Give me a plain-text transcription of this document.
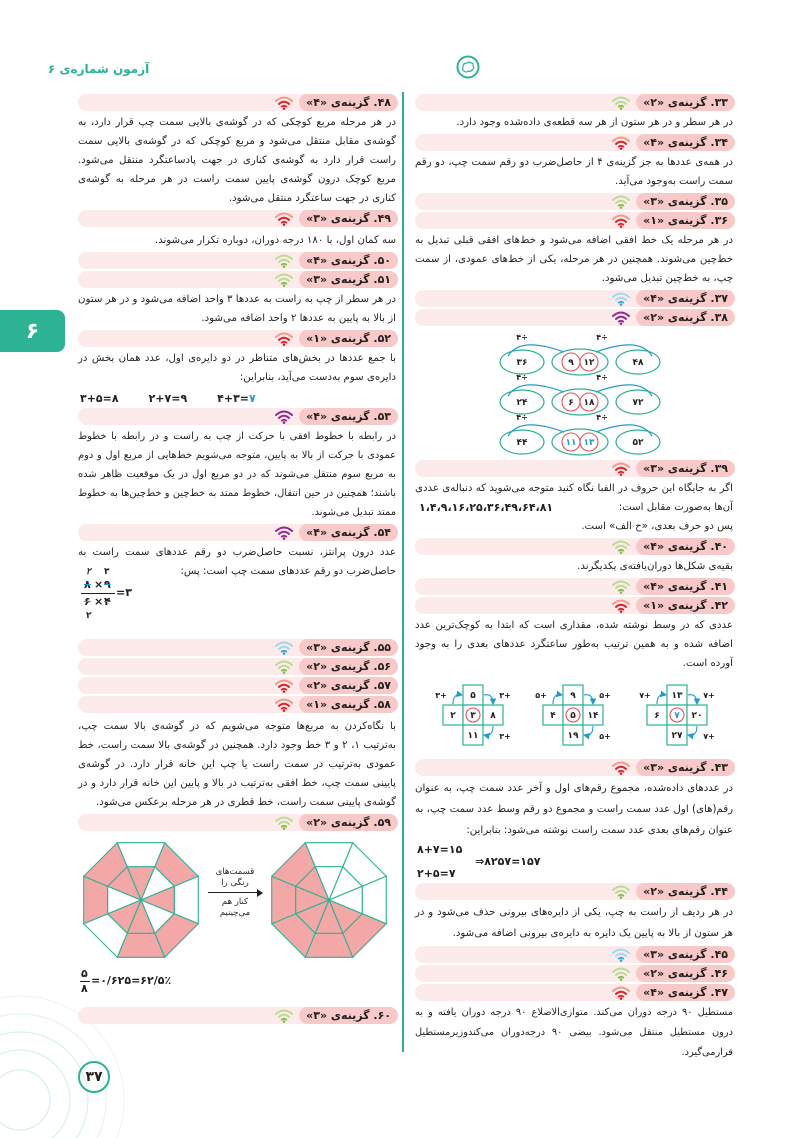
آزمون شماره‌ی ۶
۶
۳۳. گزینه‌ی «۲»

در هر سطر و در هر ستون از هر سه قطعه‌ی داده‌شده وجود دارد.

۳۴. گزینه‌ی «۴»

در همه‌ی عددها به جز گزینه‌ی ۴ از حاصل‌ضرب دو رقم سمت چپ، دو رقم سمت راست به‌وجود می‌آید.

۳۵. گزینه‌ی «۳»
۳۶. گزینه‌ی «۱»

در هر مرحله یک خط افقی اضافه می‌شود و خط‌های افقی قبلی تبدیل به خط‌چین می‌شوند. همچنین در هر مرحله، یکی از خط‌های عمودی، از سمت چپ، به خط‌چین تبدیل می‌شود.

۳۷. گزینه‌ی «۴»
۳۸. گزینه‌ی «۲»
÷۴	÷۴
۳۶	۴۸
۹ ۱۲
÷۴	÷۴
۲۴	۷۲
۶ ۱۸
÷۴	÷۴
۴۴	۵۲
۱۱ ۱۳
۳۹. گزینه‌ی «۳»
اگر به جایگاه این حروف در الفبا نگاه کنید متوجه می‌شوید که دنباله‌ی عددی آن‌ها به‌صورت مقابل است:
۱،۴،۹،۱۶،۲۵،۳۶،۴۹،۶۴،۸۱

پس دو حرف بعدی، «ح الف» است.
۴۰. گزینه‌ی «۴»

بقیه‌ی شکل‌ها دوران‌یافته‌ی یکدیگرند.

۴۱. گزینه‌ی «۴»
۴۲. گزینه‌ی «۱»

عددی که در وسط نوشته شده، مقداری است که ابتدا به کوچک‌ترین عدد اضافه شده و به همین ترتیب به‌طور ساعتگرد عددهای بعدی را به وجود آورده است.

۵
۲ ۳ ۸
۱۱
+۳	+۳
+۳
۹
۴ ۵ ۱۴
۱۹
+۵	+۵
+۵
۱۳
۶ ۷ ۲۰
۲۷
+۷	+۷
+۷
۴۳. گزینه‌ی «۳»

در عددهای داده‌شده، مجموع رقم‌های اول و آخر عدد سمت چپ، به عنوان رقم(های) اول عدد سمت راست و مجموع دو رقم وسط عدد سمت چپ، به عنوان رقم‌های بعدی عدد سمت راست نوشته می‌شود: بنابراین:

۸+۷=۱۵
⇒۸۲۵۷=۱۵۷
۲+۵=۷
۴۴. گزینه‌ی «۲»

در هر ردیف از راست به چپ، یکی از دایره‌های بیرونی حذف می‌شود و در هر ستون از بالا به پایین یک دایره به دایره‌ی بیرونی اضافه می‌شود.

۴۵. گزینه‌ی «۳»
۴۶. گزینه‌ی «۲»
۴۷. گزینه‌ی «۴»

مستطیل ۹۰ درجه دوران می‌کند. متوازی‌الاضلاع ۹۰ درجه دوران یافته و به درون مستطیل منتقل می‌شود. بیضی ۹۰ درجه‌دوران می‌کندوزیرمستطیل قرارمی‌گیرد.

۴۸. گزینه‌ی «۴»

در هر مرحله مربع کوچکی که در گوشه‌ی بالایی سمت چپ قرار دارد، به گوشه‌ی مقابل منتقل می‌شود و مربع کوچکی که در گوشه‌ی بالایی سمت راست قرار دارد به گوشه‌ی کناری در جهت پادساعتگرد منتقل می‌شود. مربع کوچک درون گوشه‌ی پایین سمت راست در هر مرحله به گوشه‌ی کناری در جهت ساعتگرد منتقل می‌شود.

۴۹. گزینه‌ی «۳»

سه کمان اول، با ۱۸۰ درجه دوران، دوباره تکرار می‌شوند.

۵۰. گزینه‌ی «۴»
۵۱. گزینه‌ی «۳»

در هر سطر از چپ به راست به عددها ۳ واحد اضافه می‌شود و در هر ستون از بالا به پایین به عددها ۲ واحد اضافه می‌شود.

۵۲. گزینه‌ی «۱»

با جمع عددها در بخش‌های متناظر در دو دایره‌ی اول، عدد همان بخش در دایره‌ی سوم به‌دست می‌آید، بنابراین:

۳+۵=۸	۲+۷=۹	۴+۳=۷
۵۳. گزینه‌ی «۴»

در رابطه با خطوط افقی با حرکت از چپ به راست و در رابطه با خطوط عمودی با حرکت از بالا به پایین، متوجه می‌شویم خط‌هایی از مربع اول و دوم به مربع سوم منتقل می‌شوند که در دو مربع اول در یک موقعیت ظاهر شده باشند؛ همچنین در حین انتقال، خطوط ممتد به خط‌چین و خط‌چین‌ها به خطوط ممتد تبدیل می‌شوند.

۵۴. گزینه‌ی «۴»

عدد درون پرانتز، نسبت حاصل‌ضرب دو رقم عددهای سمت راست به حاصل‌ضرب دو رقم عددهای سمت چپ است: پس:

۲ ۳
۸ × ۹
=۳
۶ × ۴
۲
۵۵. گزینه‌ی «۳»
۵۶. گزینه‌ی «۲»
۵۷. گزینه‌ی «۲»
۵۸. گزینه‌ی «۱»

با نگاه‌کردن به مربع‌ها متوجه می‌شویم که در گوشه‌ی بالا سمت چپ، به‌ترتیب ۱، ۲ و ۳ خط وجود دارد. همچنین در گوشه‌ی بالا سمت راست، خط عمودی به‌ترتیب در سمت راست یا چپ این خانه قرار دارد. در گوشه‌ی پایینی سمت چپ، خط افقی به‌ترتیب در بالا و پایین این خانه قرار دارد و در گوشه‌ی پایینی سمت راست، خط قطری در هر مرحله برعکس می‌شود.

۵۹. گزینه‌ی «۲»
قسمت‌های
رنگی را
کنار هم
می‌چینیم
۵
۸
=۰/۶۲۵=۶۲/۵٪
۶۰. گزینه‌ی «۳»
۳۷
